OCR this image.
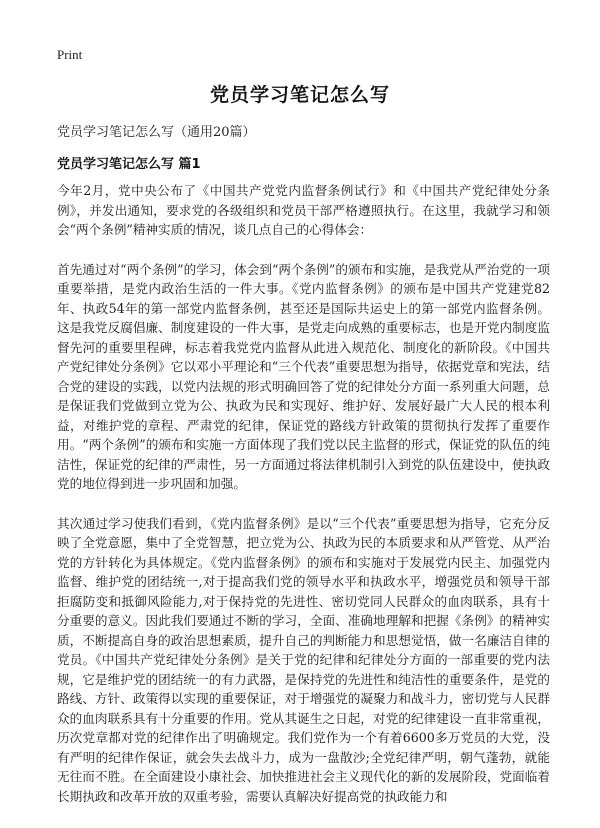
Print
党员学习笔记怎么写
党员学习笔记怎么写（通用20篇）
党员学习笔记怎么写 篇1

今年2月，党中央公布了《中国共产党党内监督条例试行》和《中国共产党纪律处分条例》，并发出通知，要求党的各级组织和党员干部严格遵照执行。在这里，我就学习和领会“两个条例”精神实质的情况，谈几点自己的心得体会：

首先通过对“两个条例”的学习，体会到“两个条例”的颁布和实施，是我党从严治党的一项重要举措，是党内政治生活的一件大事。《党内监督条例》的颁布是中国共产党建党82年、执政54年的第一部党内监督条例，甚至还是国际共运史上的第一部党内监督条例。这是我党反腐倡廉、制度建设的一件大事，是党走向成熟的重要标志，也是开党内制度监督先河的重要里程碑，标志着我党党内监督从此进入规范化、制度化的新阶段。《中国共产党纪律处分条例》它以邓小平理论和“三个代表”重要思想为指导，依据党章和宪法，结合党的建设的实践，以党内法规的形式明确回答了党的纪律处分方面一系列重大问题，总是保证我们党做到立党为公、执政为民和实现好、维护好、发展好最广大人民的根本利益，对维护党的章程、严肃党的纪律，保证党的路线方针政策的贯彻执行发挥了重要作用。“两个条例”的颁布和实施一方面体现了我们党以民主监督的形式，保证党的队伍的纯洁性，保证党的纪律的严肃性，另一方面通过将法律机制引入到党的队伍建设中，使执政党的地位得到进一步巩固和加强。

其次通过学习使我们看到，《党内监督条例》是以“三个代表”重要思想为指导，它充分反映了全党意愿，集中了全党智慧，把立党为公、执政为民的本质要求和从严管党、从严治党的方针转化为具体规定。《党内监督条例》的颁布和实施对于发展党内民主、加强党内监督、维护党的团结统一,对于提高我们党的领导水平和执政水平，增强党员和领导干部拒腐防变和抵御风险能力,对于保持党的先进性、密切党同人民群众的血肉联系，具有十分重要的意义。因此我们要通过不断的学习，全面、准确地理解和把握《条例》的精神实质，不断提高自身的政治思想素质，提升自己的判断能力和思想觉悟，做一名廉洁自律的党员。《中国共产党纪律处分条例》是关于党的纪律和纪律处分方面的一部重要的党内法规，它是维护党的团结统一的有力武器，是保持党的先进性和纯洁性的重要条件，是党的路线、方针、政策得以实现的重要保证，对于增强党的凝聚力和战斗力，密切党与人民群众的血肉联系具有十分重要的作用。党从其诞生之日起，对党的纪律建设一直非常重视，历次党章都对党的纪律作出了明确规定。我们党作为一个有着6600多万党员的大党，没有严明的纪律作保证，就会失去战斗力，成为一盘散沙;全党纪律严明，朝气蓬勃，就能无往而不胜。在全面建设小康社会、加快推进社会主义现代化的新的发展阶段，党面临着长期执政和改革开放的双重考验，需要认真解决好提高党的执政能力和
